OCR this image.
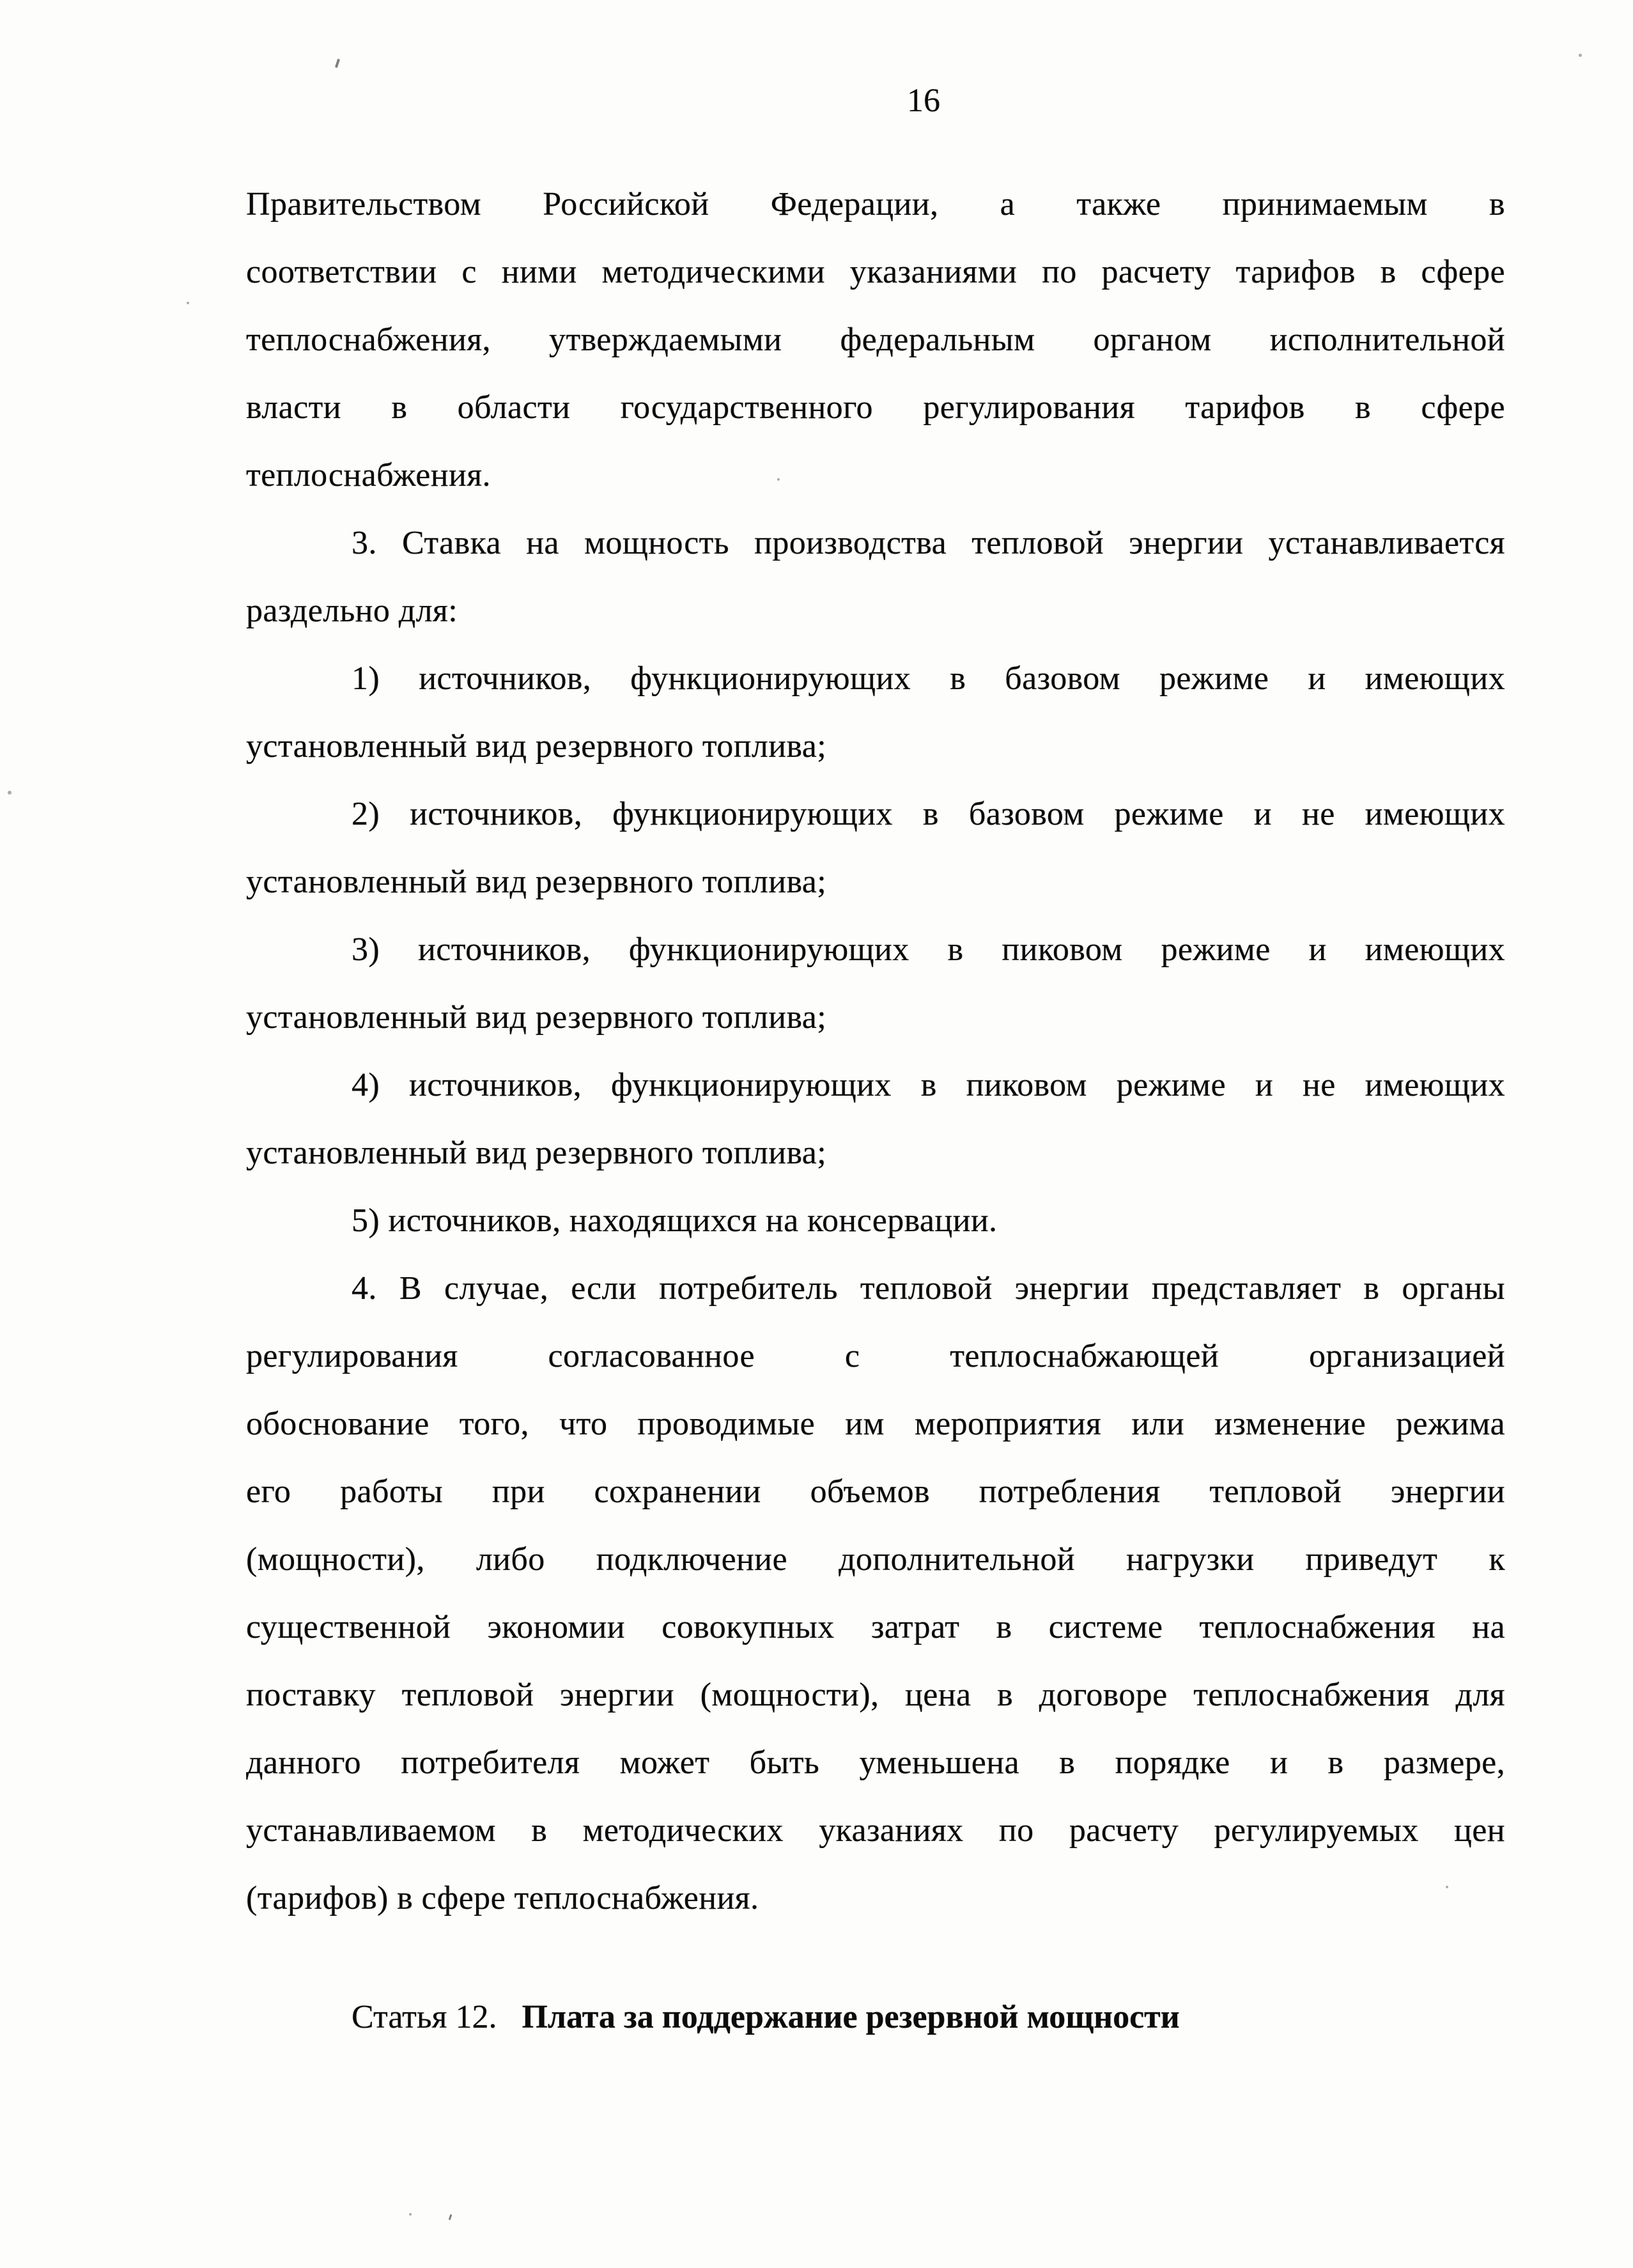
16
Правительством Российской Федерации, а также принимаемым в
соответствии с ними методическими указаниями по расчету тарифов в сфере
теплоснабжения, утверждаемыми федеральным органом исполнительной
власти в области государственного регулирования тарифов в сфере
теплоснабжения.
3. Ставка на мощность производства тепловой энергии устанавливается
раздельно для:
1) источников, функционирующих в базовом режиме и имеющих
установленный вид резервного топлива;
2) источников, функционирующих в базовом режиме и не имеющих
установленный вид резервного топлива;
3) источников, функционирующих в пиковом режиме и имеющих
установленный вид резервного топлива;
4) источников, функционирующих в пиковом режиме и не имеющих
установленный вид резервного топлива;
5) источников, находящихся на консервации.
4. В случае, если потребитель тепловой энергии представляет в органы
регулирования согласованное с теплоснабжающей организацией
обоснование того, что проводимые им мероприятия или изменение режима
его работы при сохранении объемов потребления тепловой энергии
(мощности), либо подключение дополнительной нагрузки приведут к
существенной экономии совокупных затрат в системе теплоснабжения на
поставку тепловой энергии (мощности), цена в договоре теплоснабжения для
данного потребителя может быть уменьшена в порядке и в размере,
устанавливаемом в методических указаниях по расчету регулируемых цен
(тарифов) в сфере теплоснабжения.
Статья 12. Плата за поддержание резервной мощности
